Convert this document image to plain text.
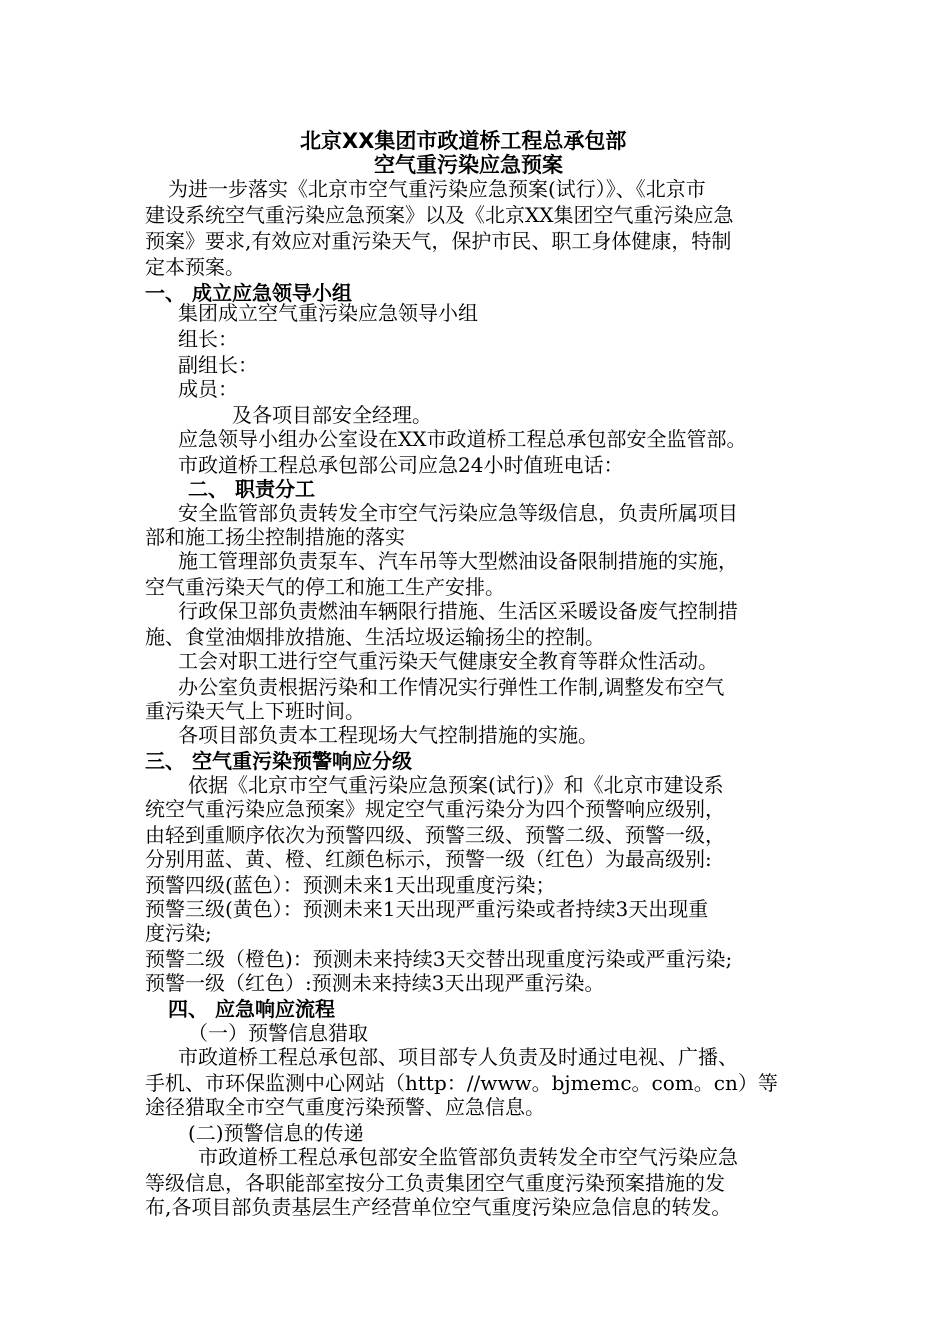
北京XX集团市政道桥工程总承包部
空气重污染应急预案
为进一步落实《北京市空气重污染应急预案(试行）》、《北京市
建设系统空气重污染应急预案》以及《北京XX集团空气重污染应急
预案》要求,有效应对重污染天气，保护市民、职工身体健康，特制
定本预案。
一、 成立应急领导小组
集团成立空气重污染应急领导小组
组长：
副组长：
成员：
及各项目部安全经理。
应急领导小组办公室设在XX市政道桥工程总承包部安全监管部。
市政道桥工程总承包部公司应急24小时值班电话：
二、 职责分工
安全监管部负责转发全市空气污染应急等级信息，负责所属项目
部和施工扬尘控制措施的落实
施工管理部负责泵车、汽车吊等大型燃油设备限制措施的实施，
空气重污染天气的停工和施工生产安排。
行政保卫部负责燃油车辆限行措施、生活区采暖设备废气控制措
施、食堂油烟排放措施、生活垃圾运输扬尘的控制。
工会对职工进行空气重污染天气健康安全教育等群众性活动。
办公室负责根据污染和工作情况实行弹性工作制,调整发布空气
重污染天气上下班时间。
各项目部负责本工程现场大气控制措施的实施。
三、 空气重污染预警响应分级
依据《北京市空气重污染应急预案(试行)》和《北京市建设系
统空气重污染应急预案》规定空气重污染分为四个预警响应级别，
由轻到重顺序依次为预警四级、预警三级、预警二级、预警一级，
分别用蓝、黄、橙、红颜色标示，预警一级（红色）为最高级别:
预警四级(蓝色）：预测未来1天出现重度污染；
预警三级(黄色）：预测未来1天出现严重污染或者持续3天出现重
度污染;
预警二级（橙色)：预测未来持续3天交替出现重度污染或严重污染;
预警一级（红色）:预测未来持续3天出现严重污染。
四、 应急响应流程
（一）预警信息猎取
市政道桥工程总承包部、项目部专人负责及时通过电视、广播、
手机、市环保监测中心网站（http：//www。bjmemc。com。cn）等
途径猎取全市空气重度污染预警、应急信息。
(二)预警信息的传递
市政道桥工程总承包部安全监管部负责转发全市空气污染应急
等级信息，各职能部室按分工负责集团空气重度污染预案措施的发
布,各项目部负责基层生产经营单位空气重度污染应急信息的转发。
